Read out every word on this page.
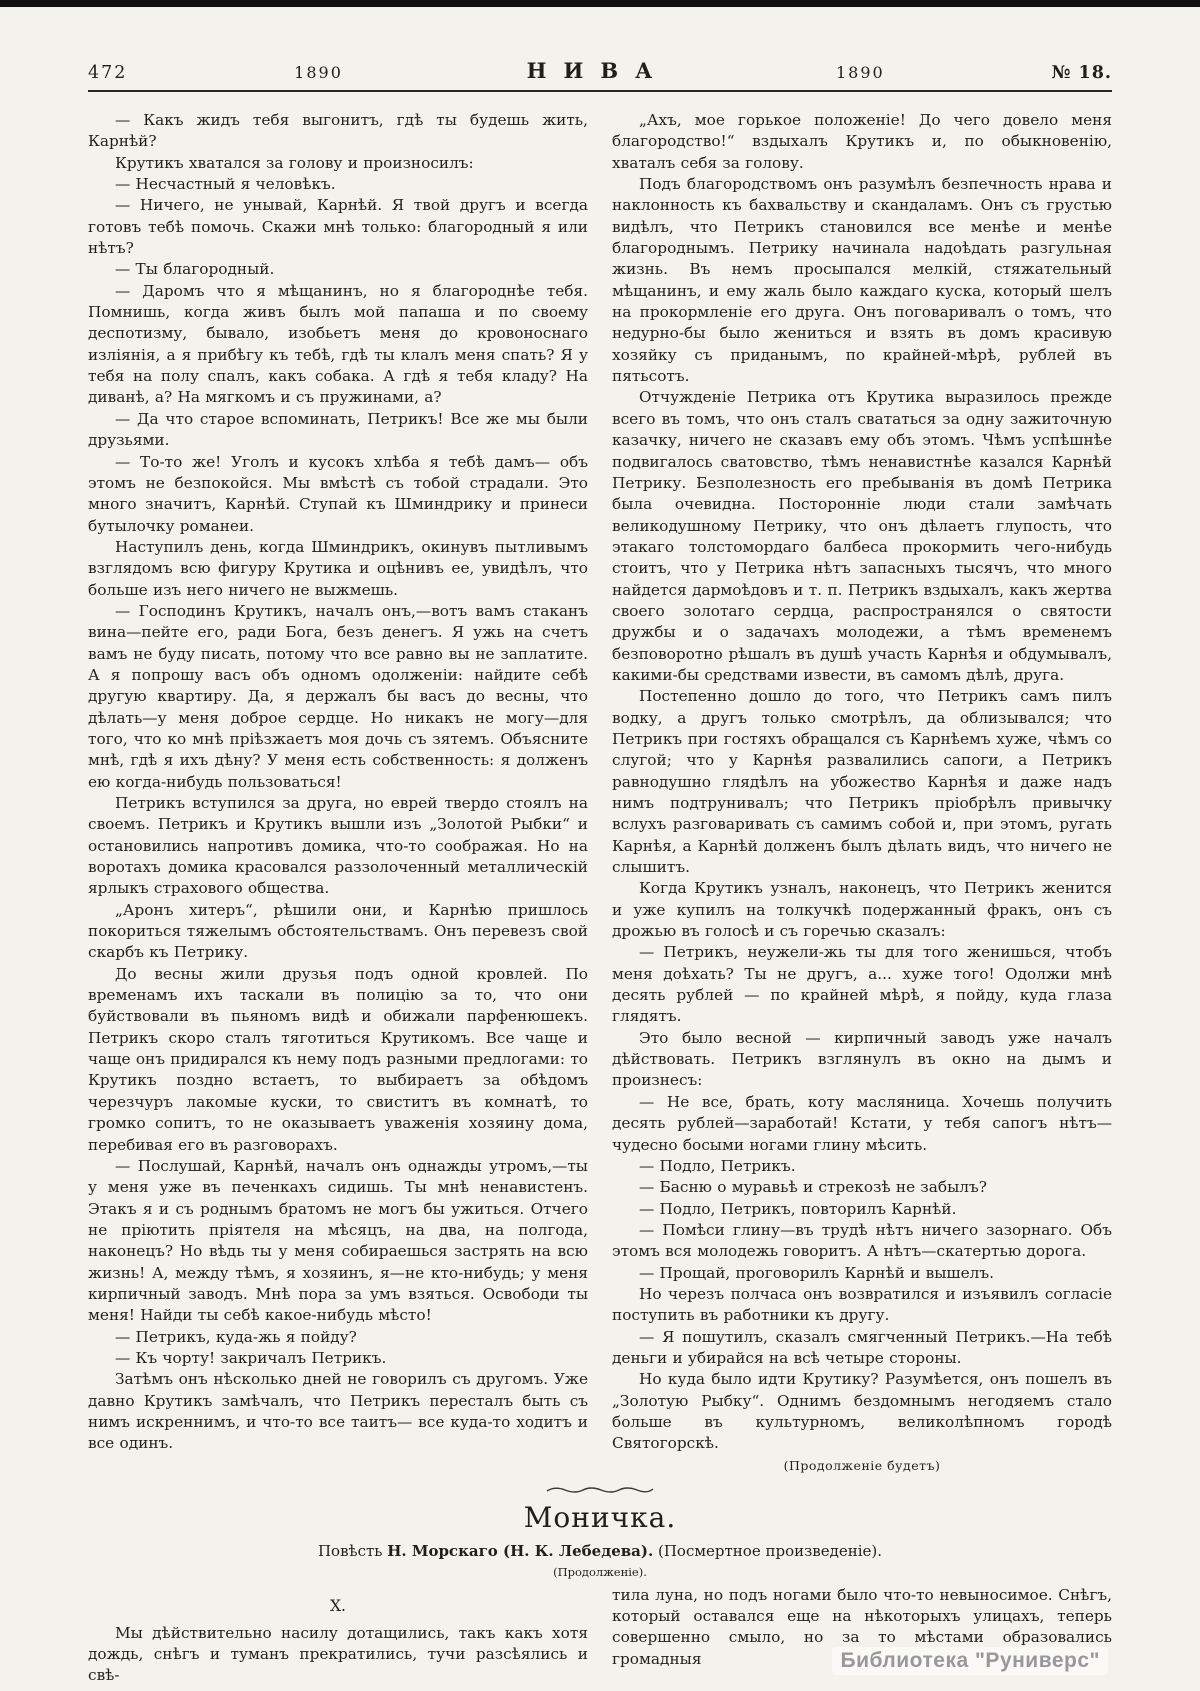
472	1890	НИВА	1890	№ 18.

— Какъ жидъ тебя выгонитъ, гдѣ ты будешь жить, Карнѣй?

Крутикъ хватался за голову и произносилъ:

— Несчастный я человѣкъ.

— Ничего, не унывай, Карнѣй. Я твой другъ и всегда готовъ тебѣ помочь. Скажи мнѣ только: благородный я или нѣтъ?

— Ты благородный.

— Даромъ что я мѣщанинъ, но я благороднѣе тебя. Помнишь, когда живъ былъ мой папаша и по своему деспотизму, бывало, изобьетъ меня до кровоноснаго изліянія, а я прибѣгу къ тебѣ, гдѣ ты клалъ меня спать? Я у тебя на полу спалъ, какъ собака. А гдѣ я тебя кладу? На диванѣ, а? На мягкомъ и съ пружинами, а?

— Да что старое вспоминать, Петрикъ! Все же мы были друзьями.

— То-то же! Уголъ и кусокъ хлѣба я тебѣ дамъ— объ этомъ не безпокойся. Мы вмѣстѣ съ тобой страдали. Это много значитъ, Карнѣй. Ступай къ Шминдрику и принеси бутылочку романеи.

Наступилъ день, когда Шминдрикъ, окинувъ пытливымъ взглядомъ всю фигуру Крутика и оцѣнивъ ее, увидѣлъ, что больше изъ него ничего не выжмешь.

— Господинъ Крутикъ, началъ онъ,—вотъ вамъ стаканъ вина—пейте его, ради Бога, безъ денегъ. Я ужь на счетъ вамъ не буду писать, потому что все равно вы не заплатите. А я попрошу васъ объ одномъ одолженіи: найдите себѣ другую квартиру. Да, я держалъ бы васъ до весны, что дѣлать—у меня доброе сердце. Но никакъ не могу—для того, что ко мнѣ пріѣзжаетъ моя дочь съ зятемъ. Объясните мнѣ, гдѣ я ихъ дѣну? У меня есть собственность: я долженъ ею когда-нибудь пользоваться!

Петрикъ вступился за друга, но еврей твердо стоялъ на своемъ. Петрикъ и Крутикъ вышли изъ „Золотой Рыбки“ и остановились напротивъ домика, что-то соображая. Но на воротахъ домика красовался раззолоченный металлическій ярлыкъ страхового общества.

„Аронъ хитеръ“, рѣшили они, и Карнѣю пришлось покориться тяжелымъ обстоятельствамъ. Онъ перевезъ свой скарбъ къ Петрику.

До весны жили друзья подъ одной кровлей. По временамъ ихъ таскали въ полицію за то, что они буйствовали въ пьяномъ видѣ и обижали парфенюшекъ. Петрикъ скоро сталъ тяготиться Крутикомъ. Все чаще и чаще онъ придирался къ нему подъ разными предлогами: то Крутикъ поздно встаетъ, то выбираетъ за обѣдомъ черезчуръ лакомые куски, то свиститъ въ комнатѣ, то громко сопитъ, то не оказываетъ уваженія хозяину дома, перебивая его въ разговорахъ.

— Послушай, Карнѣй, началъ онъ однажды утромъ,—ты у меня уже въ печенкахъ сидишь. Ты мнѣ ненавистенъ. Этакъ я и съ роднымъ братомъ не могъ бы ужиться. Отчего не пріютить пріятеля на мѣсяцъ, на два, на полгода, наконецъ? Но вѣдь ты у меня собираешься застрять на всю жизнь! А, между тѣмъ, я хозяинъ, я—не кто-нибудь; у меня кирпичный заводъ. Мнѣ пора за умъ взяться. Освободи ты меня! Найди ты себѣ какое-нибудь мѣсто!

— Петрикъ, куда-жь я пойду?

— Къ чорту! закричалъ Петрикъ.

Затѣмъ онъ нѣсколько дней не говорилъ съ другомъ. Уже давно Крутикъ замѣчалъ, что Петрикъ пересталъ быть съ нимъ искреннимъ, и что-то все таитъ— все куда-то ходитъ и все одинъ.

„Ахъ, мое горькое положеніе! До чего довело меня благородство!“ вздыхалъ Крутикъ и, по обыкновенію, хваталъ себя за голову.

Подъ благородствомъ онъ разумѣлъ безпечность нрава и наклонность къ бахвальству и скандаламъ. Онъ съ грустью видѣлъ, что Петрикъ становился все менѣе и менѣе благороднымъ. Петрику начинала надоѣдать разгульная жизнь. Въ немъ просыпался мелкій, стяжательный мѣщанинъ, и ему жаль было каждаго куска, который шелъ на прокормленіе его друга. Онъ поговаривалъ о томъ, что недурно-бы было жениться и взять въ домъ красивую хозяйку съ приданымъ, по крайней-мѣрѣ, рублей въ пятьсотъ.

Отчужденіе Петрика отъ Крутика выразилось прежде всего въ томъ, что онъ сталъ свататься за одну зажиточную казачку, ничего не сказавъ ему объ этомъ. Чѣмъ успѣшнѣе подвигалось сватовство, тѣмъ ненавистнѣе казался Карнѣй Петрику. Безполезность его пребыванія въ домѣ Петрика была очевидна. Посторонніе люди стали замѣчать великодушному Петрику, что онъ дѣлаетъ глупость, что этакаго толстомордаго балбеса прокормить чего-нибудь стоитъ, что у Петрика нѣтъ запасныхъ тысячъ, что много найдется дармоѣдовъ и т. п. Петрикъ вздыхалъ, какъ жертва своего золотаго сердца, распространялся о святости дружбы и о задачахъ молодежи, а тѣмъ временемъ безповоротно рѣшалъ въ душѣ участь Карнѣя и обдумывалъ, какими-бы средствами извести, въ самомъ дѣлѣ, друга.

Постепенно дошло до того, что Петрикъ самъ пилъ водку, а другъ только смотрѣлъ, да облизывался; что Петрикъ при гостяхъ обращался съ Карнѣемъ хуже, чѣмъ со слугой; что у Карнѣя развалились сапоги, а Петрикъ равнодушно глядѣлъ на убожество Карнѣя и даже надъ нимъ подтрунивалъ; что Петрикъ пріобрѣлъ привычку вслухъ разговаривать съ самимъ собой и, при этомъ, ругать Карнѣя, а Карнѣй долженъ былъ дѣлать видъ, что ничего не слышитъ.

Когда Крутикъ узналъ, наконецъ, что Петрикъ женится и уже купилъ на толкучкѣ подержанный фракъ, онъ съ дрожью въ голосѣ и съ горечью сказалъ:

— Петрикъ, неужели-жь ты для того женишься, чтобъ меня доѣхать? Ты не другъ, а... хуже того! Одолжи мнѣ десять рублей — по крайней мѣрѣ, я пойду, куда глаза глядятъ.

Это было весной — кирпичный заводъ уже началъ дѣйствовать. Петрикъ взглянулъ въ окно на дымъ и произнесъ:

— Не все, брать, коту масляница. Хочешь получить десять рублей—заработай! Кстати, у тебя сапогъ нѣтъ— чудесно босыми ногами глину мѣсить.

— Подло, Петрикъ.

— Басню о муравьѣ и стрекозѣ не забылъ?

— Подло, Петрикъ, повторилъ Карнѣй.

— Помѣси глину—въ трудѣ нѣтъ ничего зазорнаго. Объ этомъ вся молодежь говоритъ. А нѣтъ—скатертью дорога.

— Прощай, проговорилъ Карнѣй и вышелъ.

Но черезъ полчаса онъ возвратился и изъявилъ согласіе поступить въ работники къ другу.

— Я пошутилъ, сказалъ смягченный Петрикъ.—На тебѣ деньги и убирайся на всѣ четыре стороны.

Но куда было идти Крутику? Разумѣется, онъ пошелъ въ „Золотую Рыбку“. Однимъ бездомнымъ негодяемъ стало больше въ культурномъ, великолѣпномъ городѣ Святогорскѣ.

(Продолженіе будетъ)
Моничка.
Повѣсть Н. Морскаго (Н. К. Лебедева). (Посмертное произведеніе).
(Продолженіе).
X.

Мы дѣйствительно насилу дотащились, такъ какъ хотя дождь, снѣгъ и туманъ прекратились, тучи разсѣялись и свѣ-

тила луна, но подъ ногами было что-то невыносимое. Снѣгъ, который оставался еще на нѣкоторыхъ улицахъ, теперь совершенно смыло, но за то мѣстами образовались громадныя	Библиотека "Руниверс"
